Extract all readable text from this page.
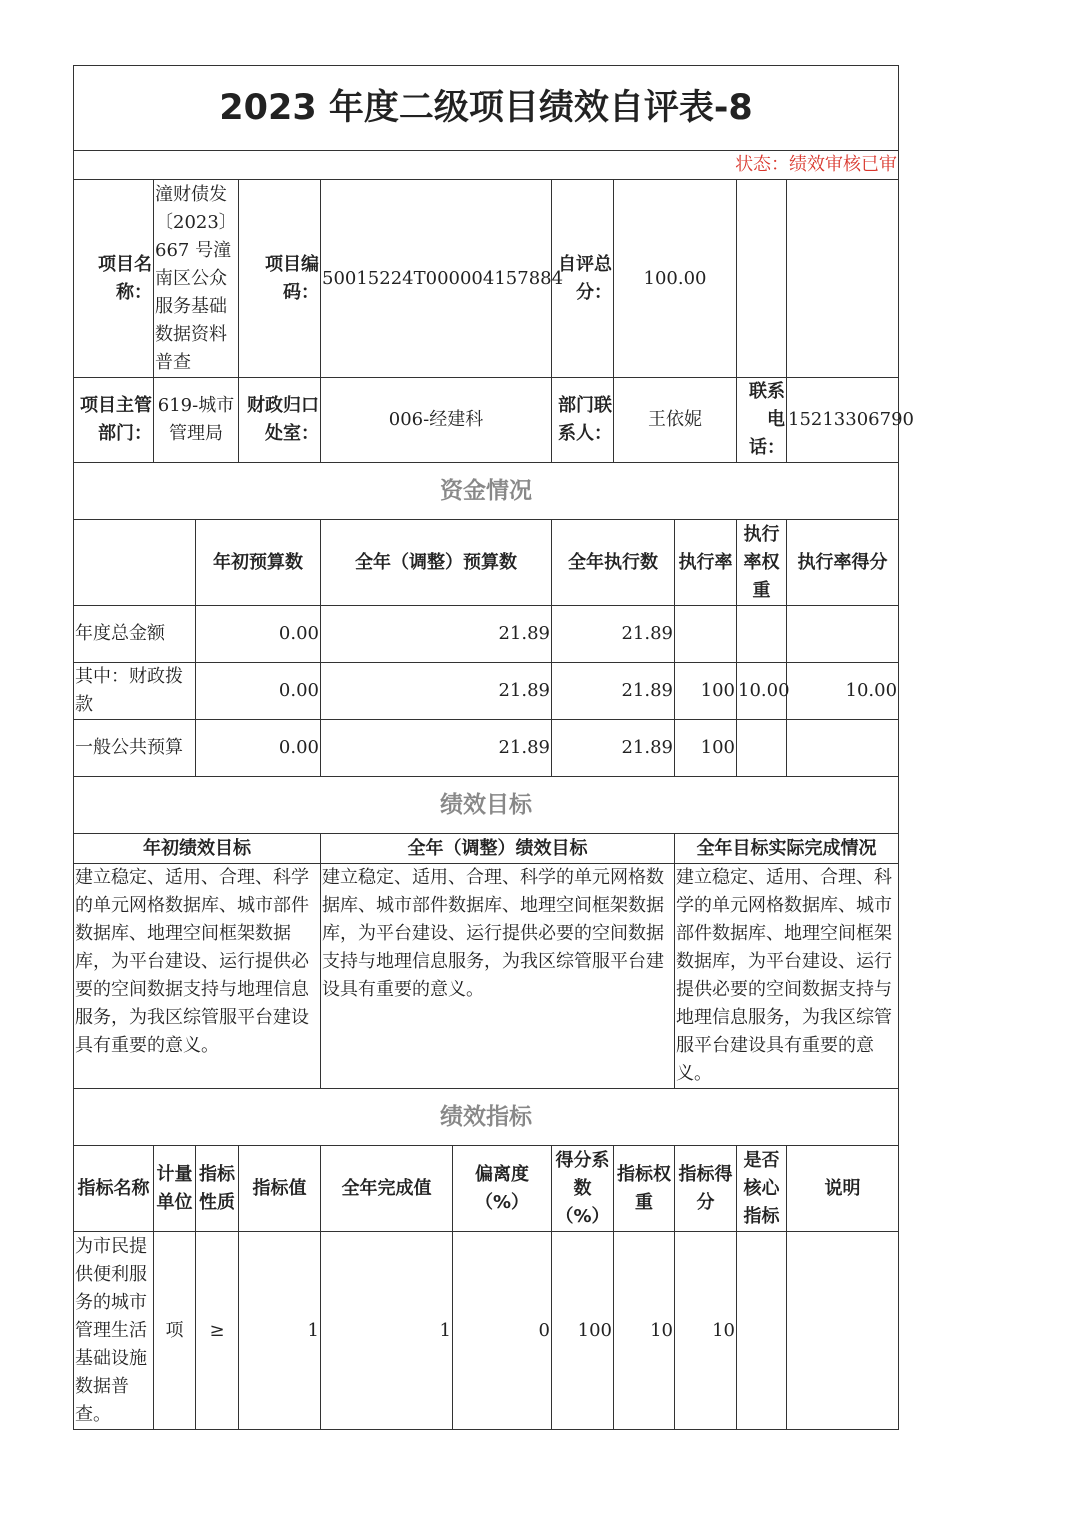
2023 年度二级项目绩效自评表-8										
状态：绩效审核已审										
项目名称：	潼财债发〔2023〕667 号潼南区公众服务基础数据资料普查		项目编码：	50015224T000004157884		自评总分：	100.00			
项目主管部门：	619-城市管理局		财政归口处室：	006-经建科		部门联系人：	王依妮		联系电话：	15213306790
资金情况										
		年初预算数		全年（调整）预算数		全年执行数		执行率	执行率权重	执行率得分
年度总金额		0.00		21.89		21.89				
其中：财政拨款		0.00		21.89		21.89		100	10.00	10.00
一般公共预算		0.00		21.89		21.89		100		
绩效目标										
年初绩效目标				全年（调整）绩效目标				全年目标实际完成情况		
建立稳定、适用、合理、科学的单元网格数据库、城市部件数据库、地理空间框架数据库，为平台建设、运行提供必要的空间数据支持与地理信息服务，为我区综管服平台建设具有重要的意义。				建立稳定、适用、合理、科学的单元网格数据库、城市部件数据库、地理空间框架数据库，为平台建设、运行提供必要的空间数据支持与地理信息服务，为我区综管服平台建设具有重要的意义。				建立稳定、适用、合理、科学的单元网格数据库、城市部件数据库、地理空间框架数据库，为平台建设、运行提供必要的空间数据支持与地理信息服务，为我区综管服平台建设具有重要的意义。		
绩效指标										
指标名称	计量单位	指标性质	指标值	全年完成值	偏离度（%）	得分系数（%）	指标权重	指标得分	是否核心指标	说明
为市民提供便利服务的城市管理生活基础设施数据普查。	项	≥	1	1	0	100	10	10		
